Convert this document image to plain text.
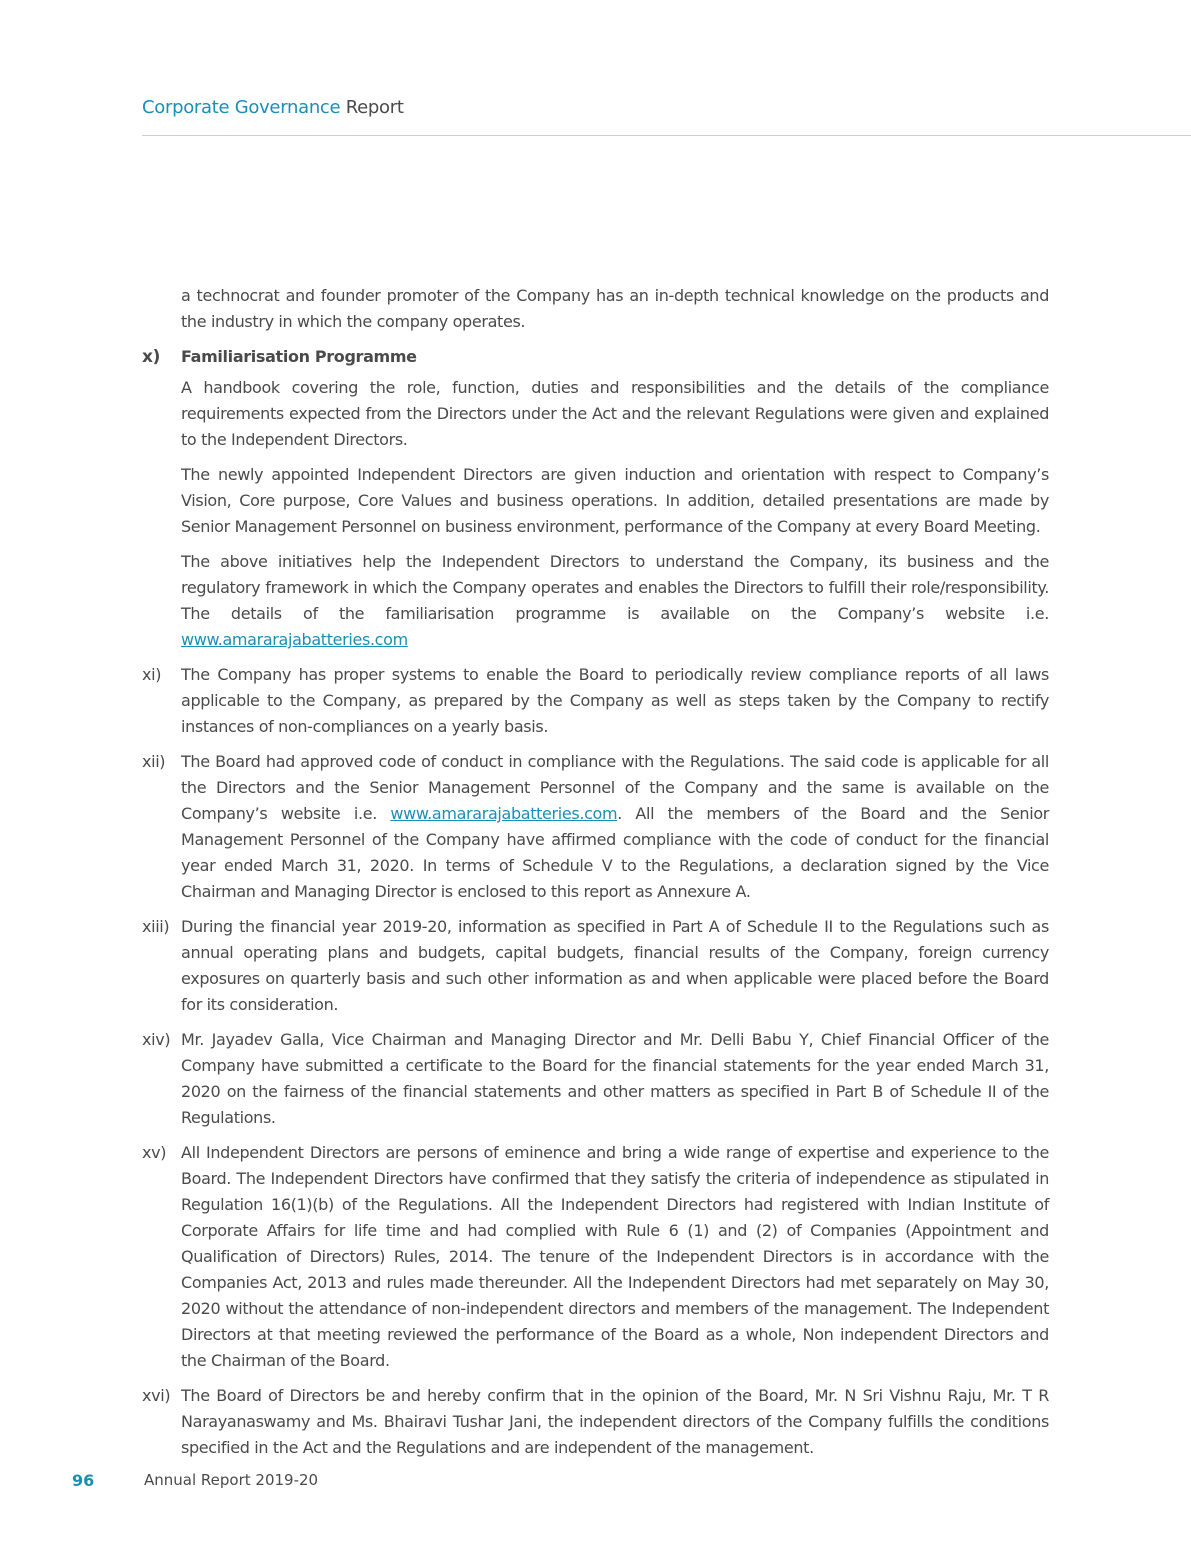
Corporate Governance Report

a technocrat and founder promoter of the Company has an in-depth technical knowledge on the products and the industry in which the company operates.

x) Familiarisation Programme

A handbook covering the role, function, duties and responsibilities and the details of the compliance requirements expected from the Directors under the Act and the relevant Regulations were given and explained to the Independent Directors.

The newly appointed Independent Directors are given induction and orientation with respect to Company’s Vision, Core purpose, Core Values and business operations. In addition, detailed presentations are made by Senior Management Personnel on business environment, performance of the Company at every Board Meeting.

The above initiatives help the Independent Directors to understand the Company, its business and the regulatory framework in which the Company operates and enables the Directors to fulfill their role/responsibility. The details of the familiarisation programme is available on the Company’s website i.e. www.amararajabatteries.com

xi) The Company has proper systems to enable the Board to periodically review compliance reports of all laws applicable to the Company, as prepared by the Company as well as steps taken by the Company to rectify instances of non-compliances on a yearly basis.
xii) The Board had approved code of conduct in compliance with the Regulations. The said code is applicable for all the Directors and the Senior Management Personnel of the Company and the same is available on the Company’s website i.e. www.amararajabatteries.com. All the members of the Board and the Senior Management Personnel of the Company have affirmed compliance with the code of conduct for the financial year ended March 31, 2020. In terms of Schedule V to the Regulations, a declaration signed by the Vice Chairman and Managing Director is enclosed to this report as Annexure A.
xiii) During the financial year 2019-20, information as specified in Part A of Schedule II to the Regulations such as annual operating plans and budgets, capital budgets, financial results of the Company, foreign currency exposures on quarterly basis and such other information as and when applicable were placed before the Board for its consideration.
xiv) Mr. Jayadev Galla, Vice Chairman and Managing Director and Mr. Delli Babu Y, Chief Financial Officer of the Company have submitted a certificate to the Board for the financial statements for the year ended March 31, 2020 on the fairness of the financial statements and other matters as specified in Part B of Schedule II of the Regulations.
xv) All Independent Directors are persons of eminence and bring a wide range of expertise and experience to the Board. The Independent Directors have confirmed that they satisfy the criteria of independence as stipulated in Regulation 16(1)(b) of the Regulations. All the Independent Directors had registered with Indian Institute of Corporate Affairs for life time and had complied with Rule 6 (1) and (2) of Companies (Appointment and Qualification of Directors) Rules, 2014. The tenure of the Independent Directors is in accordance with the Companies Act, 2013 and rules made thereunder. All the Independent Directors had met separately on May 30, 2020 without the attendance of non-independent directors and members of the management. The Independent Directors at that meeting reviewed the performance of the Board as a whole, Non independent Directors and the Chairman of the Board.
xvi) The Board of Directors be and hereby confirm that in the opinion of the Board, Mr. N Sri Vishnu Raju, Mr. T R Narayanaswamy and Ms. Bhairavi Tushar Jani, the independent directors of the Company fulfills the conditions specified in the Act and the Regulations and are independent of the management.
96	Annual Report 2019-20
